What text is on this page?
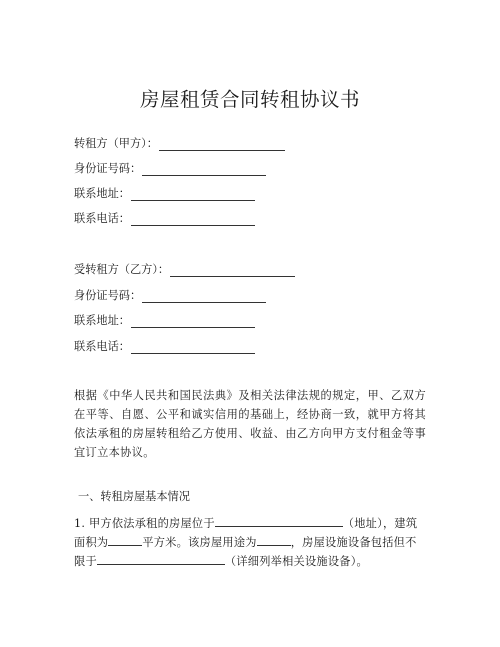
房屋租赁合同转租协议书
转租方（甲方）：
身份证号码：
联系地址：
联系电话：
受转租方（乙方）：
身份证号码：
联系地址：
联系电话：
根据《中华人民共和国民法典》及相关法律法规的规定，甲、乙双方在平等、自愿、公平和诚实信用的基础上，经协商一致，就甲方将其依法承租的房屋转租给乙方使用、收益、由乙方向甲方支付租金等事宜订立本协议。
一、转租房屋基本情况
1. 甲方依法承租的房屋位于	（地址），建筑
面积为	平方米。该房屋用途为	，房屋设施设备包括但不
限于	（详细列举相关设施设备）。
